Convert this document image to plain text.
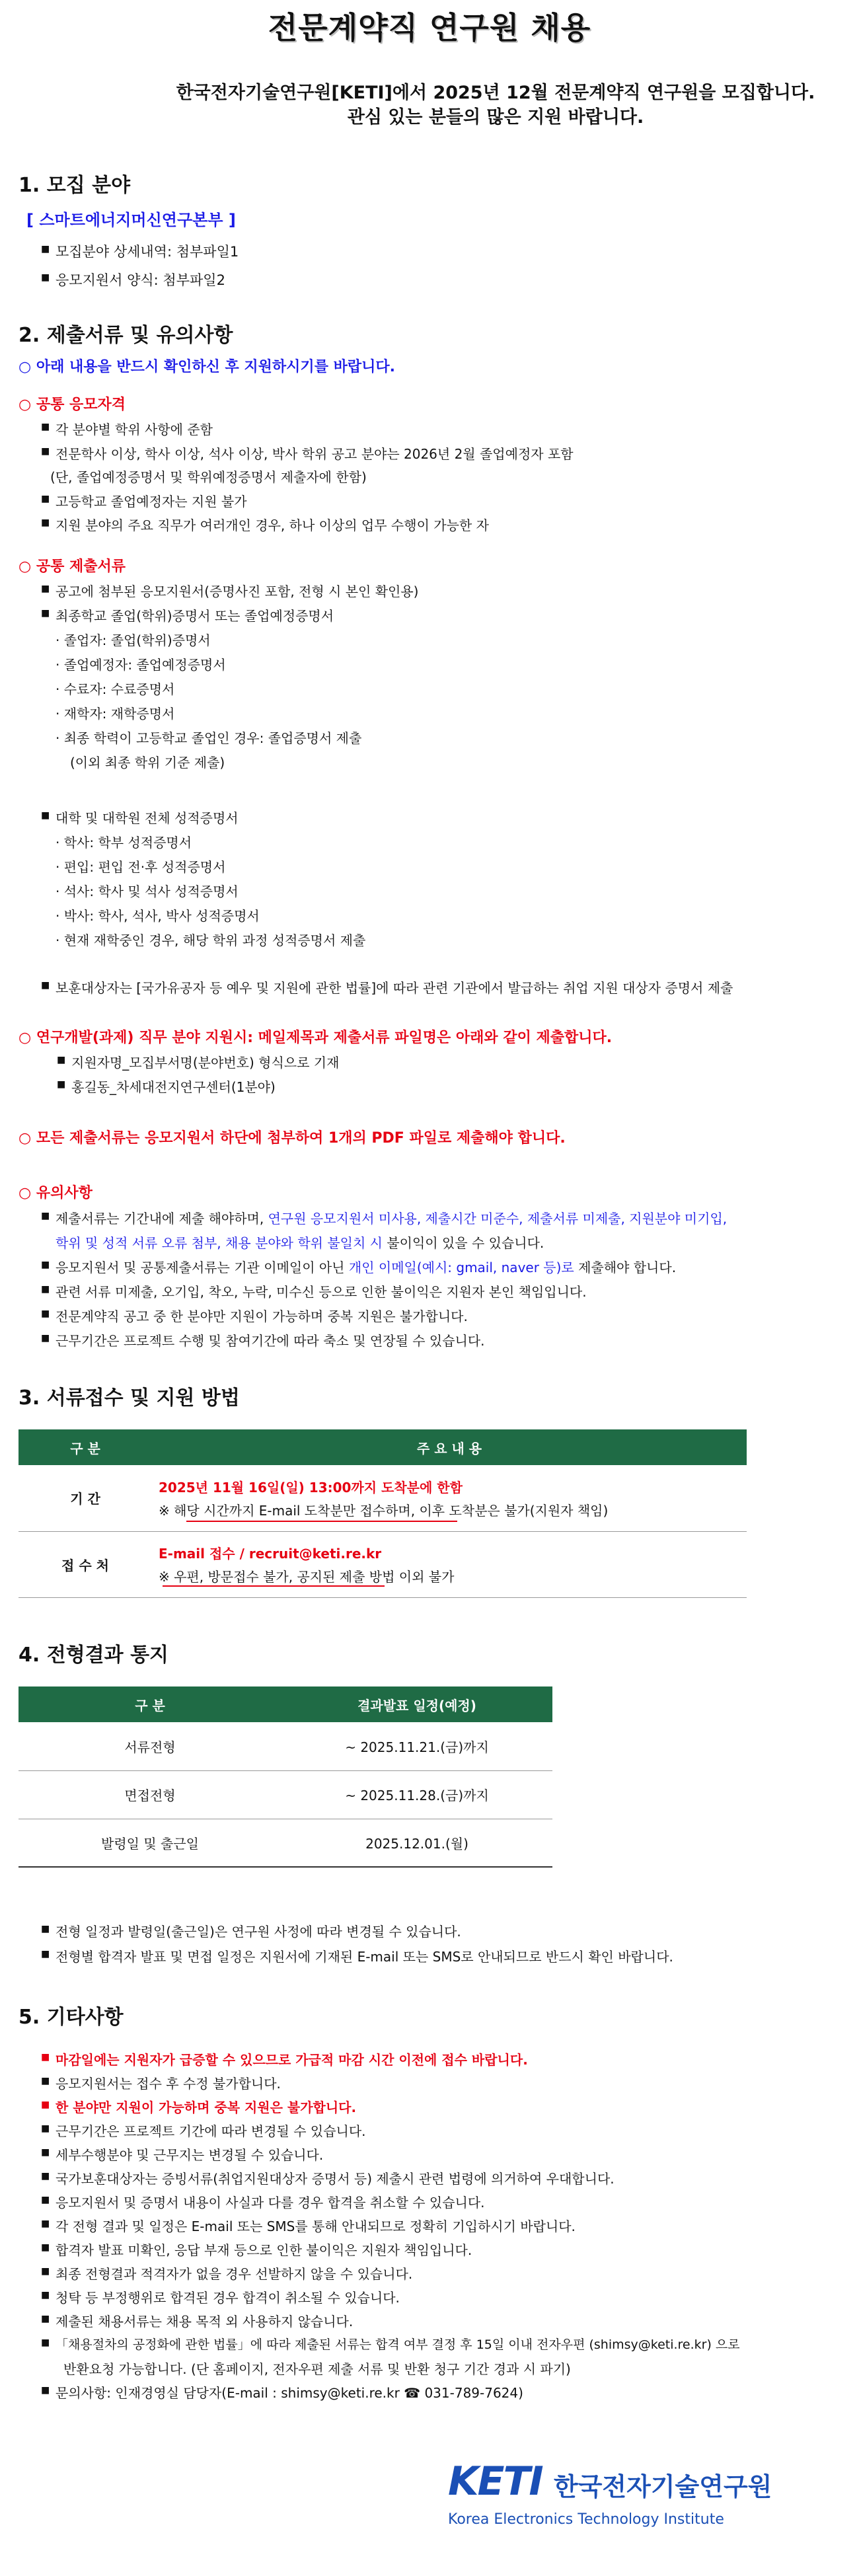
전문계약직 연구원 채용
한국전자기술연구원[KETI]에서 2025년 12월 전문계약직 연구원을 모집합니다.
관심 있는 분들의 많은 지원 바랍니다.
1. 모집 분야
[ 스마트에너지머신연구본부 ]
■ 모집분야 상세내역: 첨부파일1
■ 응모지원서 양식: 첨부파일2
2. 제출서류 및 유의사항
○ 아래 내용을 반드시 확인하신 후 지원하시기를 바랍니다.
○ 공통 응모자격
■ 각 분야별 학위 사항에 준함
■ 전문학사 이상, 학사 이상, 석사 이상, 박사 학위 공고 분야는 2026년 2월 졸업예정자 포함
(단, 졸업예정증명서 및 학위예정증명서 제출자에 한함)
■ 고등학교 졸업예정자는 지원 불가
■ 지원 분야의 주요 직무가 여러개인 경우, 하나 이상의 업무 수행이 가능한 자
○ 공통 제출서류
■ 공고에 첨부된 응모지원서(증명사진 포함, 전형 시 본인 확인용)
■ 최종학교 졸업(학위)증명서 또는 졸업예정증명서
· 졸업자: 졸업(학위)증명서
· 졸업예정자: 졸업예정증명서
· 수료자: 수료증명서
· 재학자: 재학증명서
· 최종 학력이 고등학교 졸업인 경우: 졸업증명서 제출
(이외 최종 학위 기준 제출)
■ 대학 및 대학원 전체 성적증명서
· 학사: 학부 성적증명서
· 편입: 편입 전·후 성적증명서
· 석사: 학사 및 석사 성적증명서
· 박사: 학사, 석사, 박사 성적증명서
· 현재 재학중인 경우, 해당 학위 과정 성적증명서 제출
■ 보훈대상자는 [국가유공자 등 예우 및 지원에 관한 법률]에 따라 관련 기관에서 발급하는 취업 지원 대상자 증명서 제출
○ 연구개발(과제) 직무 분야 지원시: 메일제목과 제출서류 파일명은 아래와 같이 제출합니다.
■ 지원자명_모집부서명(분야번호) 형식으로 기재
■ 홍길동_차세대전지연구센터(1분야)
○ 모든 제출서류는 응모지원서 하단에 첨부하여 1개의 PDF 파일로 제출해야 합니다.
○ 유의사항
■ 제출서류는 기간내에 제출 해야하며, 연구원 응모지원서 미사용, 제출시간 미준수, 제출서류 미제출, 지원분야 미기입,
학위 및 성적 서류 오류 첨부, 채용 분야와 학위 불일치 시 불이익이 있을 수 있습니다.
■ 응모지원서 및 공통제출서류는 기관 이메일이 아닌 개인 이메일(예시: gmail, naver 등)로 제출해야 합니다.
■ 관련 서류 미제출, 오기입, 착오, 누락, 미수신 등으로 인한 불이익은 지원자 본인 책임입니다.
■ 전문계약직 공고 중 한 분야만 지원이 가능하며 중복 지원은 불가합니다.
■ 근무기간은 프로젝트 수행 및 참여기간에 따라 축소 및 연장될 수 있습니다.
3. 서류접수 및 지원 방법
구 분	주 요 내 용
기 간	2025년 11월 16일(일) 13:00까지 도착분에 한함
※ 해당 시간까지 E-mail 도착분만 접수하며, 이후 도착분은 불가(지원자 책임)

접 수 처	E-mail 접수 / recruit@keti.re.kr
※ 우편, 방문접수 불가, 공지된 제출 방법 이외 불가
4. 전형결과 통지
구 분	결과발표 일정(예정)
서류전형	~ 2025.11.21.(금)까지
면접전형	~ 2025.11.28.(금)까지
발령일 및 출근일	2025.12.01.(월)
■ 전형 일정과 발령일(출근일)은 연구원 사정에 따라 변경될 수 있습니다.
■ 전형별 합격자 발표 및 면접 일정은 지원서에 기재된 E-mail 또는 SMS로 안내되므로 반드시 확인 바랍니다.
5. 기타사항
■ 마감일에는 지원자가 급증할 수 있으므로 가급적 마감 시간 이전에 접수 바랍니다.
■ 응모지원서는 접수 후 수정 불가합니다.
■ 한 분야만 지원이 가능하며 중복 지원은 불가합니다.
■ 근무기간은 프로젝트 기간에 따라 변경될 수 있습니다.
■ 세부수행분야 및 근무지는 변경될 수 있습니다.
■ 국가보훈대상자는 증빙서류(취업지원대상자 증명서 등) 제출시 관련 법령에 의거하여 우대합니다.
■ 응모지원서 및 증명서 내용이 사실과 다를 경우 합격을 취소할 수 있습니다.
■ 각 전형 결과 및 일정은 E-mail 또는 SMS를 통해 안내되므로 정확히 기입하시기 바랍니다.
■ 합격자 발표 미확인, 응답 부재 등으로 인한 불이익은 지원자 책임입니다.
■ 최종 전형결과 적격자가 없을 경우 선발하지 않을 수 있습니다.
■ 청탁 등 부정행위로 합격된 경우 합격이 취소될 수 있습니다.
■ 제출된 채용서류는 채용 목적 외 사용하지 않습니다.
■ 「채용절차의 공정화에 관한 법률」에 따라 제출된 서류는 합격 여부 결정 후 15일 이내 전자우편 (shimsy@keti.re.kr) 으로
반환요청 가능합니다. (단 홈페이지, 전자우편 제출 서류 및 반환 청구 기간 경과 시 파기)
■ 문의사항: 인재경영실 담당자(E-mail : shimsy@keti.re.kr ☎ 031-789-7624)
KETI 한국전자기술연구원
Korea Electronics Technology Institute
